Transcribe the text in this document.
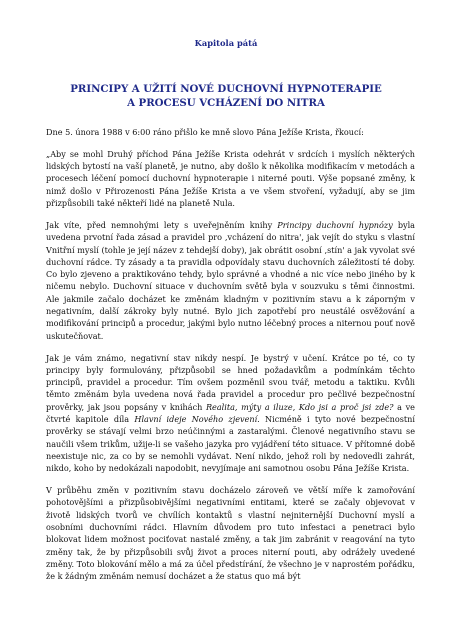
Kapitola pátá
PRINCIPY A UŽITÍ NOVÉ DUCHOVNÍ HYPNOTERAPIE
A PROCESU VCHÁZENÍ DO NITRA

Dne 5. února 1988 v 6:00 ráno přišlo ke mně slovo Pána Ježíše Krista, řkoucí:

„Aby se mohl Druhý příchod Pána Ježíše Krista odehrát v srdcích i myslích některých lidských bytostí na vaší planetě, je nutno, aby došlo k několika modifikacím v metodách a procesech léčení pomocí duchovní hypnoterapie i niterné pouti. Výše popsané změny, k nimž došlo v Přirozenosti Pána Ježíše Krista a ve všem stvoření, vyžadují, aby se jim přizpůsobili také někteří lidé na planetě Nula.

Jak víte, před nemnohými lety s uveřejněním knihy Principy duchovní hypnózy byla uvedena prvotní řada zásad a pravidel pro ‚vcházení do nitra', jak vejít do styku s vlastní Vnitřní myslí (tohle je její název z tehdejší doby), jak obrátit osobní ‚stín' a jak vyvolat své duchovní rádce. Ty zásady a ta pravidla odpovídaly stavu duchovních záležitostí té doby. Co bylo zjeveno a praktikováno tehdy, bylo správné a vhodné a nic více nebo jiného by k ničemu nebylo. Duchovní situace v duchovním světě byla v souzvuku s těmi činnostmi. Ale jakmile začalo docházet ke změnám kladným v pozitivním stavu a k záporným v negativním, další zákroky byly nutné. Bylo jich zapotřebí pro neustálé osvěžování a modifikování principů a procedur, jakými bylo nutno léčebný proces a niternou pouť nově uskutečňovat.

Jak je vám známo, negativní stav nikdy nespí. Je bystrý v učení. Krátce po té, co ty principy byly formulovány, přizpůsobil se hned požadavkům a podmínkám těchto principů, pravidel a procedur. Tím ovšem pozměnil svou tvář, metodu a taktiku. Kvůli těmto změnám byla uvedena nová řada pravidel a procedur pro pečlivé bezpečnostní prověrky, jak jsou popsány v knihách Realita, mýty a iluze, Kdo jsi a proč jsi zde? a ve čtvrté kapitole díla Hlavní ideje Nového zjevení. Nicméně i tyto nové bezpečnostní prověrky se stávají velmi brzo neúčinnými a zastaralými. Členové negativního stavu se naučili všem trikům, užije-li se vašeho jazyka pro vyjádření této situace. V přítomné době neexistuje nic, za co by se nemohli vydávat. Není nikdo, jehož roli by nedovedli zahrát, nikdo, koho by nedokázali napodobit, nevyjímaje ani samotnou osobu Pána Ježíše Krista.

V průběhu změn v pozitivním stavu docházelo zároveň ve větší míře k zamořování pohotovějšími a přizpůsobivějšími negativními entitami, které se začaly objevovat v životě lidských tvorů ve chvílích kontaktů s vlastní nejniternější Duchovní myslí a osobními duchovními rádci. Hlavním důvodem pro tuto infestaci a penetraci bylo blokovat lidem možnost pociťovat nastalé změny, a tak jim zabránit v reagování na tyto změny tak, že by přizpůsobili svůj život a proces niterní pouti, aby odrážely uvedené změny. Toto blokování mělo a má za účel předstírání, že všechno je v naprostém pořádku, že k žádným změnám nemusí docházet a že status quo má být
